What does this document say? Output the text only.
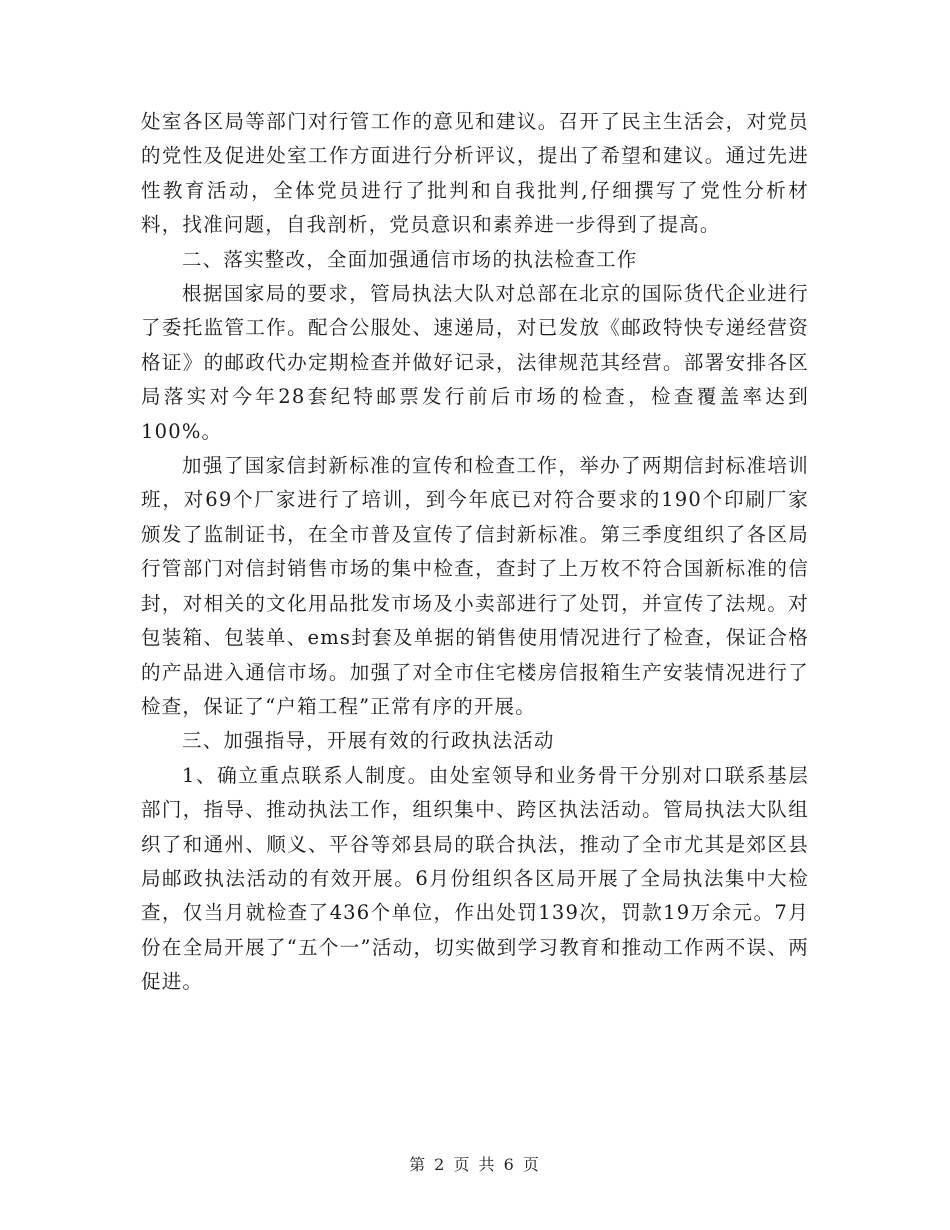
处室各区局等部门对行管工作的意见和建议。召开了民主生活会，对党员的党性及促进处室工作方面进行分析评议，提出了希望和建议。通过先进性教育活动，全体党员进行了批判和自我批判,仔细撰写了党性分析材料，找准问题，自我剖析，党员意识和素养进一步得到了提高。

二、落实整改，全面加强通信市场的执法检查工作

根据国家局的要求，管局执法大队对总部在北京的国际货代企业进行了委托监管工作。配合公服处、速递局，对已发放《邮政特快专递经营资格证》的邮政代办定期检查并做好记录，法律规范其经营。部署安排各区局落实对今年28套纪特邮票发行前后市场的检查，检查覆盖率达到100%。

加强了国家信封新标准的宣传和检查工作，举办了两期信封标准培训班，对69个厂家进行了培训，到今年底已对符合要求的190个印刷厂家颁发了监制证书，在全市普及宣传了信封新标准。第三季度组织了各区局行管部门对信封销售市场的集中检查，查封了上万枚不符合国新标准的信封，对相关的文化用品批发市场及小卖部进行了处罚，并宣传了法规。对包装箱、包装单、ems封套及单据的销售使用情况进行了检查，保证合格的产品进入通信市场。加强了对全市住宅楼房信报箱生产安装情况进行了检查，保证了“户箱工程”正常有序的开展。

三、加强指导，开展有效的行政执法活动

1、确立重点联系人制度。由处室领导和业务骨干分别对口联系基层部门，指导、推动执法工作，组织集中、跨区执法活动。管局执法大队组织了和通州、顺义、平谷等郊县局的联合执法，推动了全市尤其是郊区县局邮政执法活动的有效开展。6月份组织各区局开展了全局执法集中大检查，仅当月就检查了436个单位，作出处罚139次，罚款19万余元。7月份在全局开展了“五个一”活动，切实做到学习教育和推动工作两不误、两促进。

第 2 页 共 6 页
